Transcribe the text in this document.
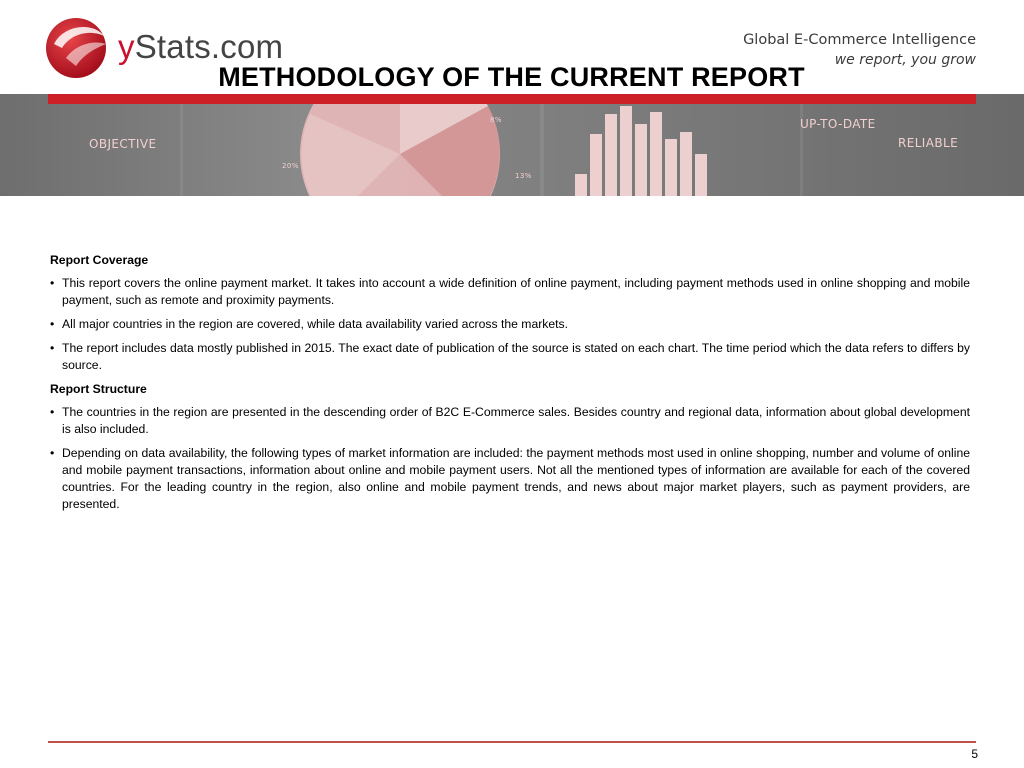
yStats.com	Global E-Commerce Intelligence
we report, you grow
OBJECTIVE
UP-TO-DATE
RELIABLE
20%
13%
8%
METHODOLOGY OF THE CURRENT REPORT
Report Coverage
• This report covers the online payment market. It takes into account a wide definition of online payment, including payment methods used in online shopping and mobile payment, such as remote and proximity payments.
• All major countries in the region are covered, while data availability varied across the markets.
• The report includes data mostly published in 2015. The exact date of publication of the source is stated on each chart. The time period which the data refers to differs by source.
Report Structure
• The countries in the region are presented in the descending order of B2C E-Commerce sales. Besides country and regional data, information about global development is also included.
• Depending on data availability, the following types of market information are included: the payment methods most used in online shopping, number and volume of online and mobile payment transactions, information about online and mobile payment users. Not all the mentioned types of information are available for each of the covered countries. For the leading country in the region, also online and mobile payment trends, and news about major market players, such as payment providers, are presented.
5
